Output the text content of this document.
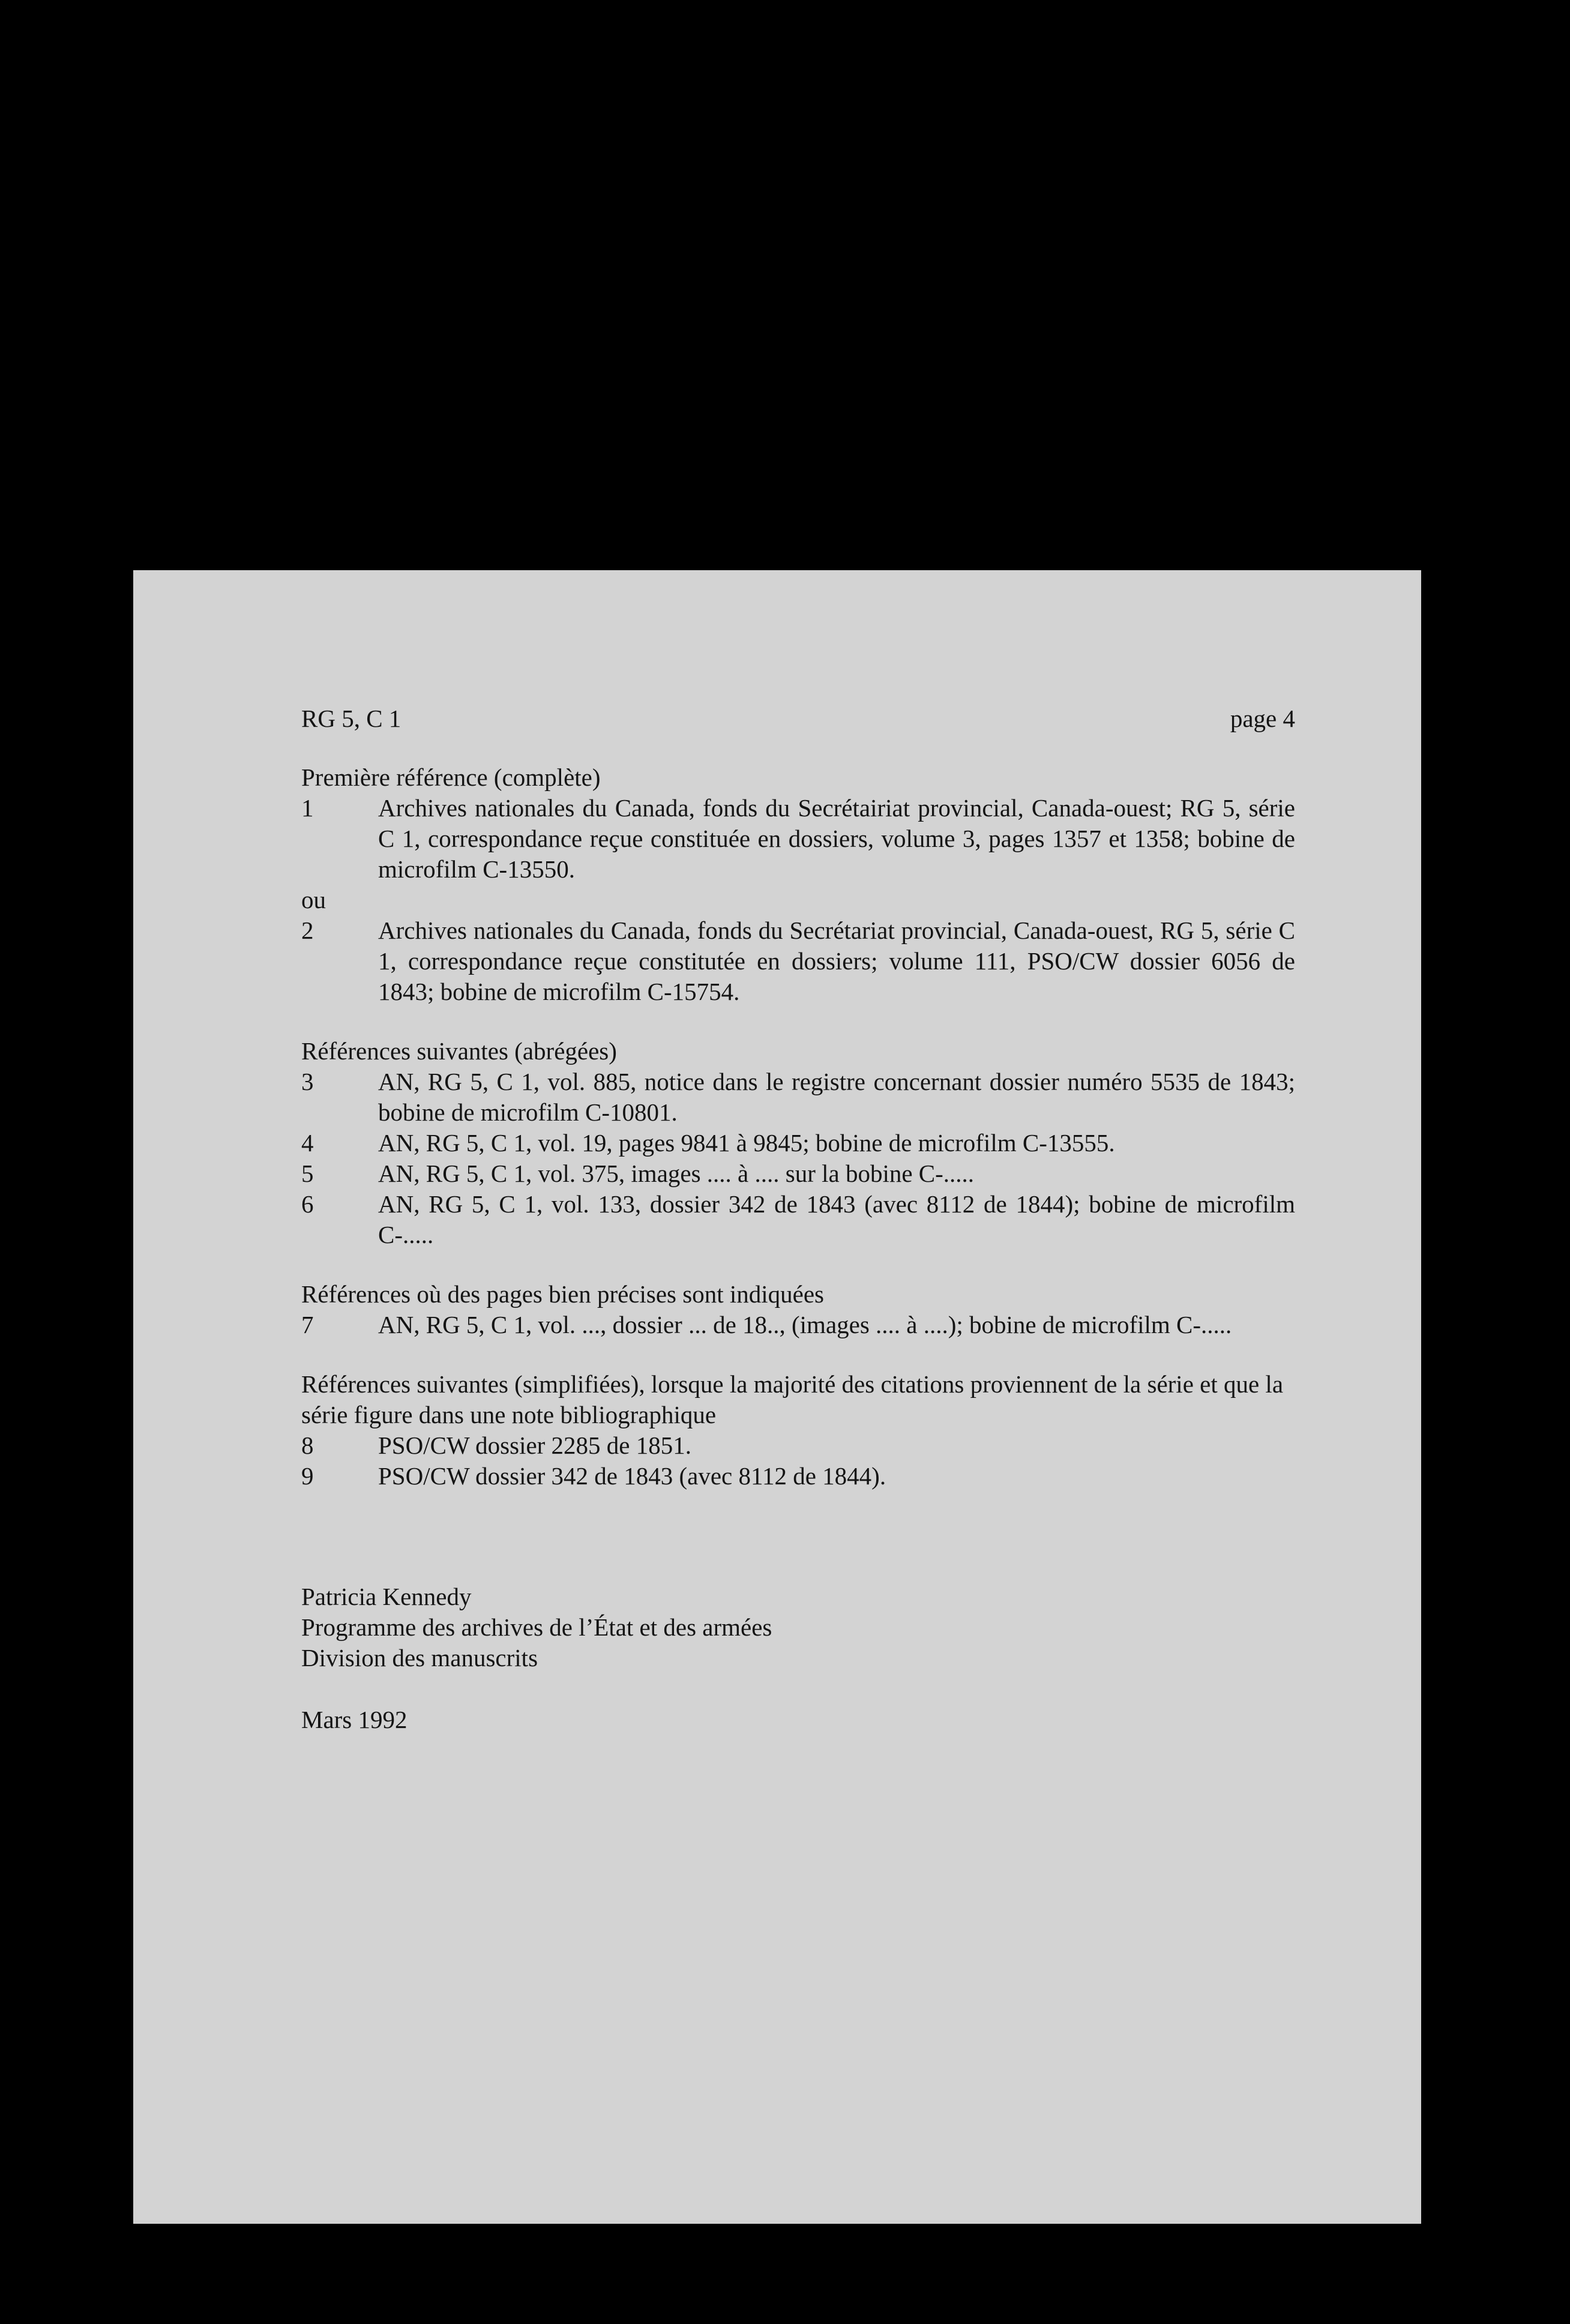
RG 5, C 1	page 4
Première référence (complète)
1	Archives nationales du Canada, fonds du Secrétairiat provincial, Canada-ouest; RG 5, série C 1, correspondance reçue constituée en dossiers, volume 3, pages 1357 et 1358; bobine de microfilm C-13550.
ou
2	Archives nationales du Canada, fonds du Secrétariat provincial, Canada-ouest, RG 5, série C 1, correspondance reçue constitutée en dossiers; volume 111, PSO/CW dossier 6056 de 1843; bobine de microfilm C-15754.
Références suivantes (abrégées)
3	AN, RG 5, C 1, vol. 885, notice dans le registre concernant dossier numéro 5535 de 1843; bobine de microfilm C-10801.
4	AN, RG 5, C 1, vol. 19, pages 9841 à 9845; bobine de microfilm C-13555.
5	AN, RG 5, C 1, vol. 375, images .... à .... sur la bobine C-.....
6	AN, RG 5, C 1, vol. 133, dossier 342 de 1843 (avec 8112 de 1844); bobine de microfilm C-.....
Références où des pages bien précises sont indiquées
7	AN, RG 5, C 1, vol. ..., dossier ... de 18.., (images .... à ....); bobine de microfilm C-.....
Références suivantes (simplifiées), lorsque la majorité des citations proviennent de la série et que la série figure dans une note bibliographique
8	PSO/CW dossier 2285 de 1851.
9	PSO/CW dossier 342 de 1843 (avec 8112 de 1844).
Patricia Kennedy
Programme des archives de l’État et des armées
Division des manuscrits
Mars 1992
